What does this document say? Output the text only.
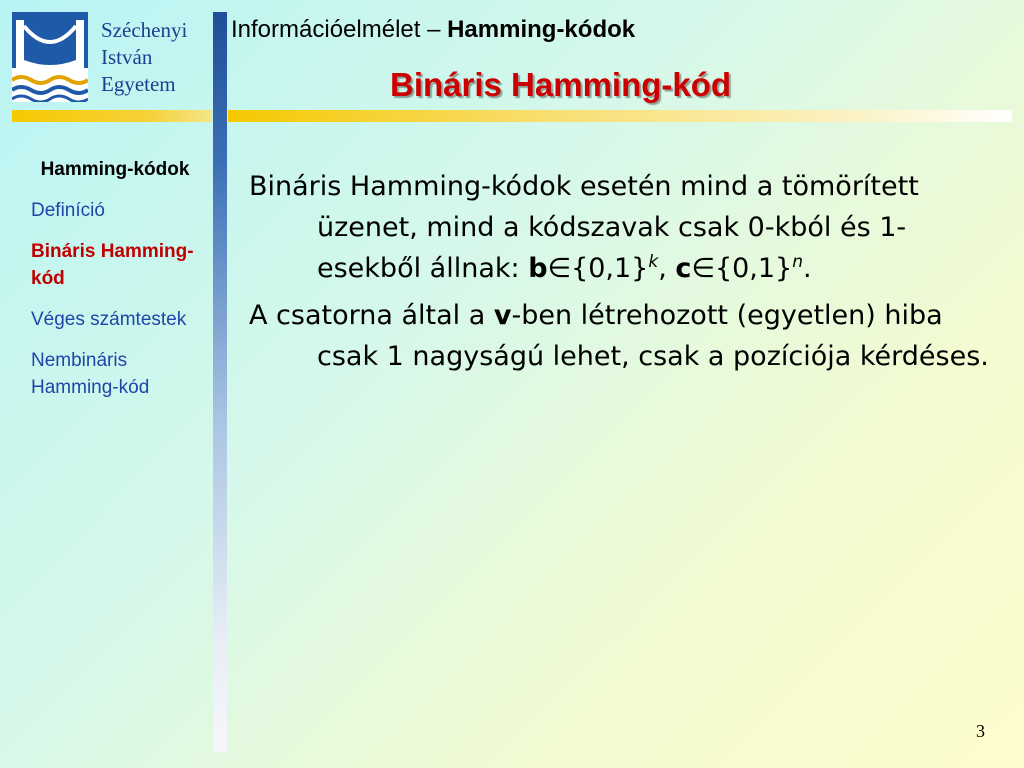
Széchenyi
István
Egyetem
Információelmélet – Hamming-kódok
Bináris Hamming-kód
Hamming-kódok
Definíció
Bináris Hamming-kód
Véges számtestek
Nembináris Hamming-kód
Bináris Hamming-kódok esetén mind a tömörített üzenet, mind a kódszavak csak 0-kból és 1-esekből állnak: $b\in\{0,1\}^k$, $c\in\{0,1\}^n$.
A csatorna által a v-ben létrehozott (egyetlen) hiba csak 1 nagyságú lehet, csak a pozíciója kérdéses.
3
